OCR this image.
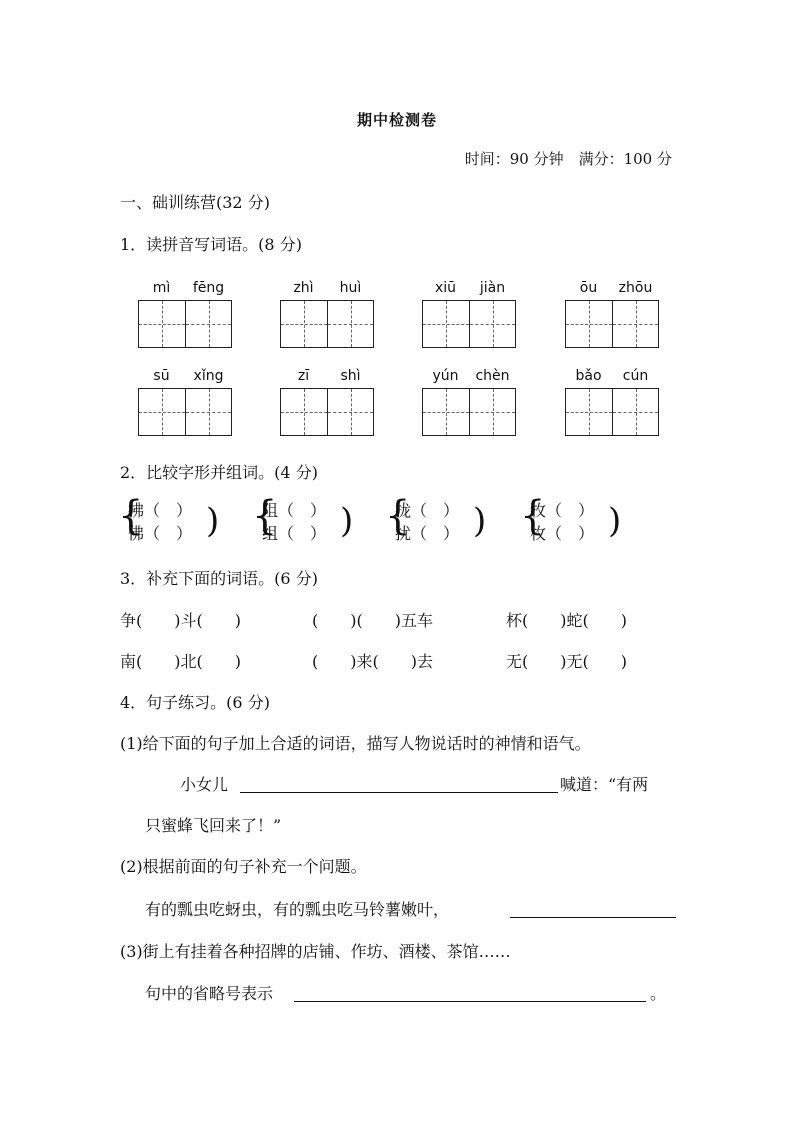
期中检测卷
时间：90 分钟　满分：100 分
一、础训练营(32 分)
1．读拼音写词语。(8 分)
mì	fēng	zhì	huì	xiū	jiàn	ōu	zhōu
sū	xǐng	zī	shì	yún	chèn	bǎo	cún
2．比较字形并组词。(4 分)
{
拂（　）
佛（　） ) {
阻（　）
组（　） ) {
拢（　）
扰（　） ) {
牧（　）
枚（　） )
3．补充下面的词语。(6 分)
争(　　)斗(　　)	(　　)(　　)五车	杯(　　)蛇(　　)
南(　　)北(　　)	(　　)来(　　)去	无(　　)无(　　)
4．句子练习。(6 分)
(1)给下面的句子加上合适的词语，描写人物说话时的神情和语气。
小女儿	喊道：“有两
只蜜蜂飞回来了！”
(2)根据前面的句子补充一个问题。
有的瓢虫吃蚜虫，有的瓢虫吃马铃薯嫩叶，
(3)街上有挂着各种招牌的店铺、作坊、酒楼、茶馆……
句中的省略号表示	。
